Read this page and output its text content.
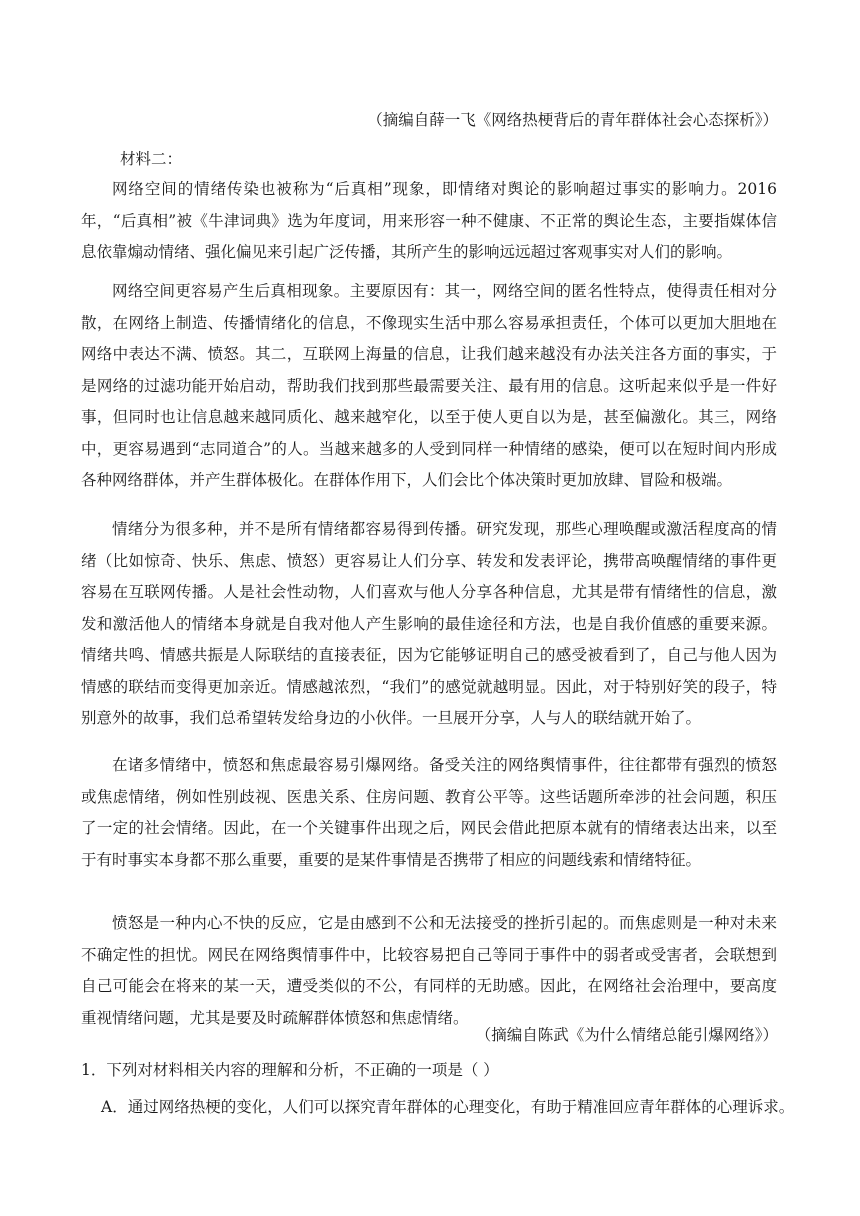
（摘编自薛一飞《网络热梗背后的青年群体社会心态探析》）
材料二：

网络空间的情绪传染也被称为“后真相”现象，即情绪对舆论的影响超过事实的影响力。2016年，“后真相”被《牛津词典》选为年度词，用来形容一种不健康、不正常的舆论生态，主要指媒体信息依靠煽动情绪、强化偏见来引起广泛传播，其所产生的影响远远超过客观事实对人们的影响。

网络空间更容易产生后真相现象。主要原因有：其一，网络空间的匿名性特点，使得责任相对分散，在网络上制造、传播情绪化的信息，不像现实生活中那么容易承担责任，个体可以更加大胆地在网络中表达不满、愤怒。其二，互联网上海量的信息，让我们越来越没有办法关注各方面的事实，于是网络的过滤功能开始启动，帮助我们找到那些最需要关注、最有用的信息。这听起来似乎是一件好事，但同时也让信息越来越同质化、越来越窄化，以至于使人更自以为是，甚至偏激化。其三，网络中，更容易遇到“志同道合”的人。当越来越多的人受到同样一种情绪的感染，便可以在短时间内形成各种网络群体，并产生群体极化。在群体作用下，人们会比个体决策时更加放肆、冒险和极端。

情绪分为很多种，并不是所有情绪都容易得到传播。研究发现，那些心理唤醒或激活程度高的情绪（比如惊奇、快乐、焦虑、愤怒）更容易让人们分享、转发和发表评论，携带高唤醒情绪的事件更容易在互联网传播。人是社会性动物，人们喜欢与他人分享各种信息，尤其是带有情绪性的信息，激发和激活他人的情绪本身就是自我对他人产生影响的最佳途径和方法，也是自我价值感的重要来源。情绪共鸣、情感共振是人际联结的直接表征，因为它能够证明自己的感受被看到了，自己与他人因为情感的联结而变得更加亲近。情感越浓烈，“我们”的感觉就越明显。因此，对于特别好笑的段子，特别意外的故事，我们总希望转发给身边的小伙伴。一旦展开分享，人与人的联结就开始了。

在诸多情绪中，愤怒和焦虑最容易引爆网络。备受关注的网络舆情事件，往往都带有强烈的愤怒或焦虑情绪，例如性别歧视、医患关系、住房问题、教育公平等。这些话题所牵涉的社会问题，积压了一定的社会情绪。因此，在一个关键事件出现之后，网民会借此把原本就有的情绪表达出来，以至于有时事实本身都不那么重要，重要的是某件事情是否携带了相应的问题线索和情绪特征。

愤怒是一种内心不快的反应，它是由感到不公和无法接受的挫折引起的。而焦虑则是一种对未来不确定性的担忧。网民在网络舆情事件中，比较容易把自己等同于事件中的弱者或受害者，会联想到自己可能会在将来的某一天，遭受类似的不公，有同样的无助感。因此，在网络社会治理中，要高度重视情绪问题，尤其是要及时疏解群体愤怒和焦虑情绪。

（摘编自陈武《为什么情绪总能引爆网络》）
1．下列对材料相关内容的理解和分析，不正确的一项是（ ）
A．通过网络热梗的变化，人们可以探究青年群体的心理变化，有助于精准回应青年群体的心理诉求。
